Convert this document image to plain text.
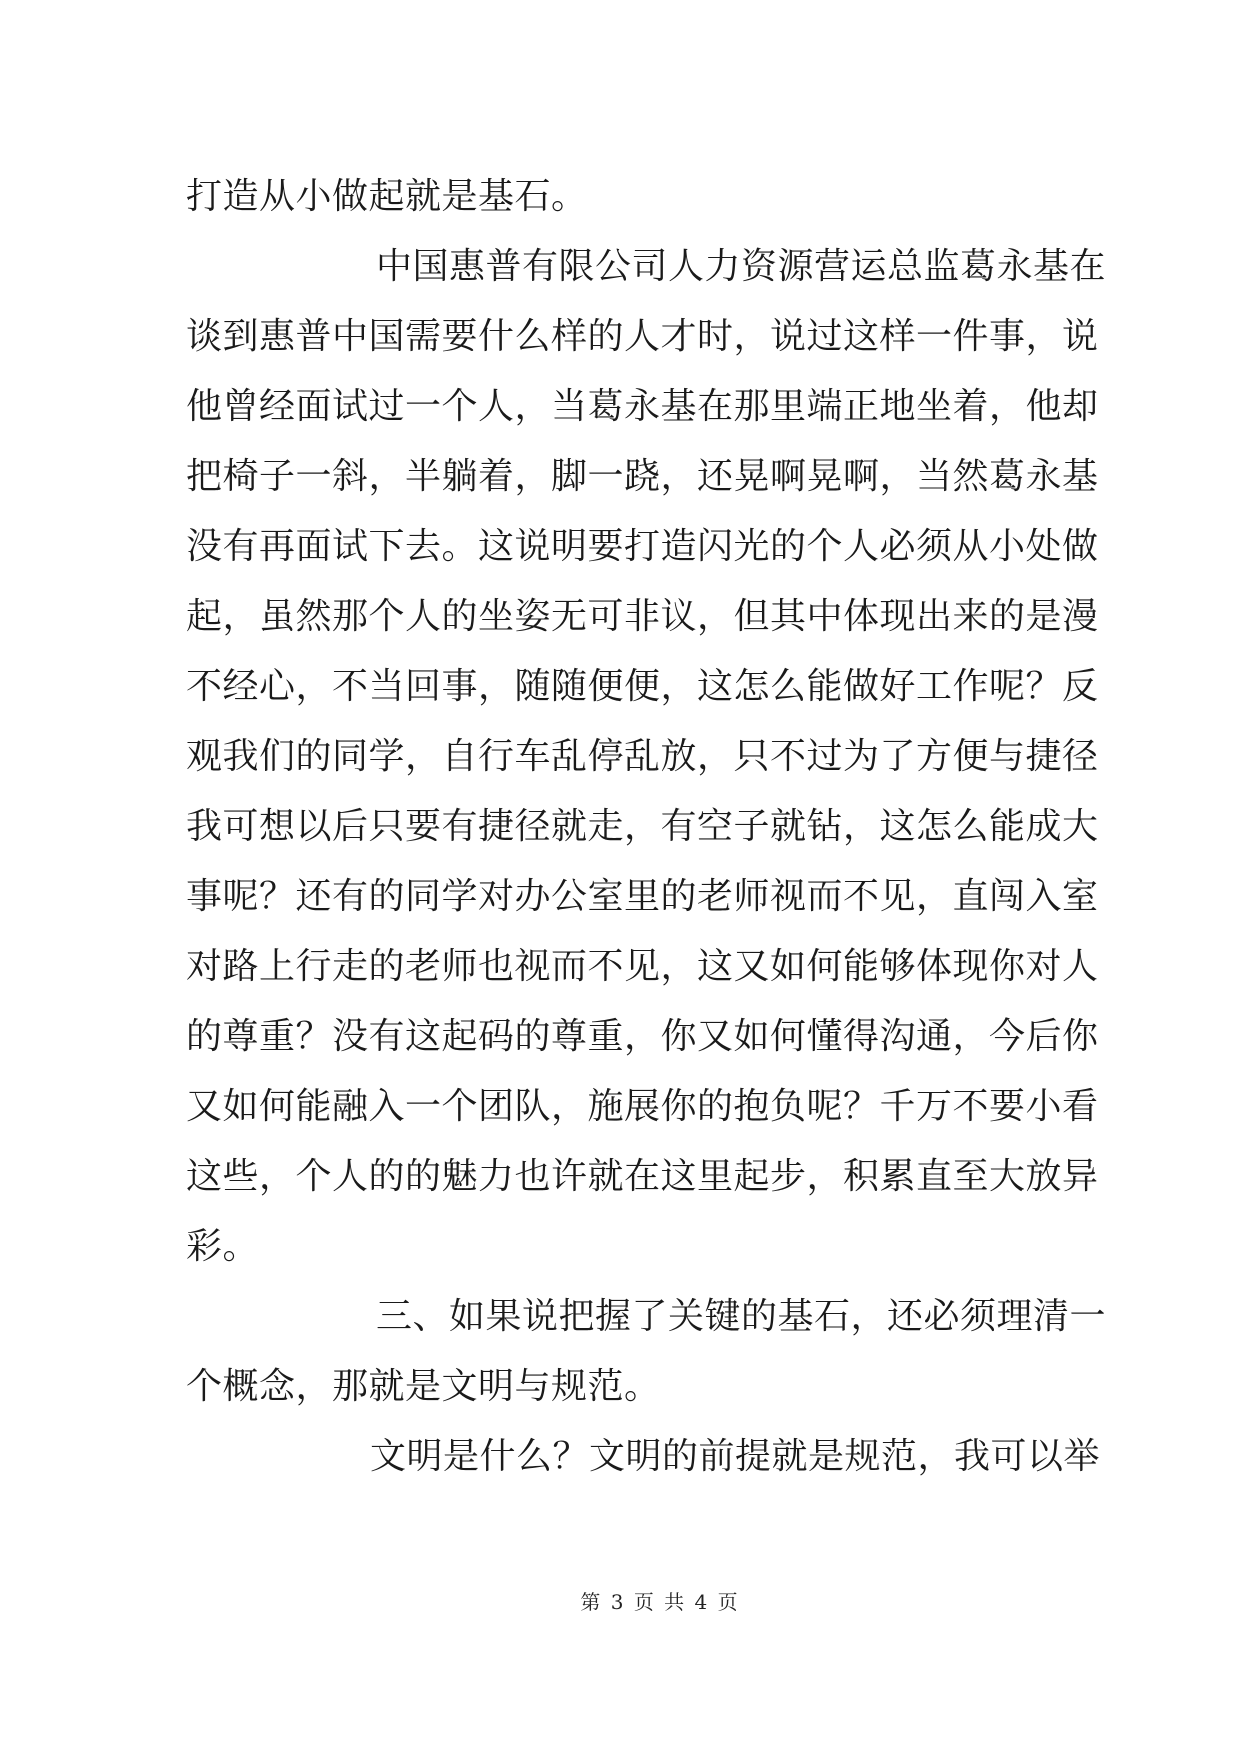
打造从小做起就是基石。

中国惠普有限公司人力资源营运总监葛永基在

谈到惠普中国需要什么样的人才时，说过这样一件事，说

他曾经面试过一个人，当葛永基在那里端正地坐着，他却

把椅子一斜，半躺着，脚一跷，还晃啊晃啊，当然葛永基

没有再面试下去。这说明要打造闪光的个人必须从小处做

起，虽然那个人的坐姿无可非议，但其中体现出来的是漫

不经心，不当回事，随随便便，这怎么能做好工作呢？反

观我们的同学，自行车乱停乱放，只不过为了方便与捷径

我可想以后只要有捷径就走，有空子就钻，这怎么能成大

事呢？还有的同学对办公室里的老师视而不见，直闯入室

对路上行走的老师也视而不见，这又如何能够体现你对人

的尊重？没有这起码的尊重，你又如何懂得沟通，今后你

又如何能融入一个团队，施展你的抱负呢？千万不要小看

这些，个人的的魅力也许就在这里起步，积累直至大放异

彩。

三、如果说把握了关键的基石，还必须理清一

个概念，那就是文明与规范。

文明是什么？文明的前提就是规范，我可以举

第 3 页 共 4 页
